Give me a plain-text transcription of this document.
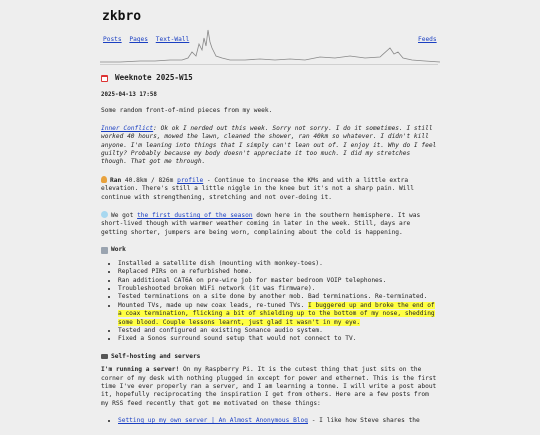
zkbro
Posts Pages Text-Wall	Feeds
Weeknote 2025-W15
2025-04-13 17:58

Some random front-of-mind pieces from my week.

Inner Conflict: Ok ok I nerded out this week. Sorry not sorry. I do it sometimes. I still worked 40 hours, mowed the lawn, cleaned the shower, ran 40km so whatever. I didn't kill anyone. I'm leaning into things that I simply can't lean out of. I enjoy it. Why do I feel guilty? Probably because my body doesn't appreciate it too much. I did my stretches though. That got me through.

Ran 40.8km / 826m profile - Continue to increase the KMs and with a little extra elevation. There's still a little niggle in the knee but it's not a sharp pain. Will continue with strengthening, stretching and not over-doing it.

We got the first dusting of the season down here in the southern hemisphere. It was short-lived though with warmer weather coming in later in the week. Still, days are getting shorter, jumpers are being worn, complaining about the cold is happening.

Work
• Installed a satellite dish (mounting with monkey-toes).
• Replaced PIRs on a refurbished home.
• Ran additional CAT6A on pre-wire job for master bedroom VOIP telephones.
• Troubleshooted broken WiFi network (it was firmware).
• Tested terminations on a site done by another mob. Bad terminations. Re-terminated.
• Mounted TVs, made up new coax leads, re-tuned TVs. I buggered up and broke the end of a coax termination, flicking a bit of shielding up to the bottom of my nose, shedding some blood. Couple lessons learnt, just glad it wasn't in my eye.
• Tested and configured an existing Sonance audio system.
• Fixed a Sonos surround sound setup that would not connect to TV.
Self-hosting and servers

I'm running a server! On my Raspberry Pi. It is the cutest thing that just sits on the corner of my desk with nothing plugged in except for power and ethernet. This is the first time I've ever properly ran a server, and I am learning a tonne. I will write a post about it, hopefully reciprocating the inspiration I get from others. Here are a few posts from my RSS feed recently that got me motivated on these things:

• Setting up my own server | An Almost Anonymous Blog - I like how Steve shares the
